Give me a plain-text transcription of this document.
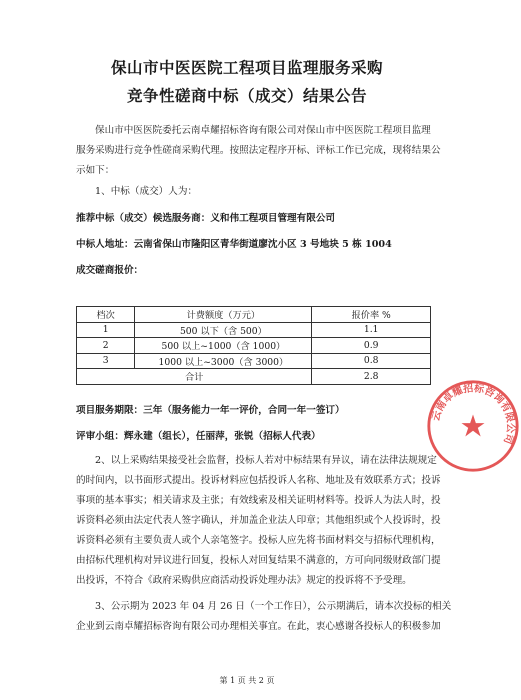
保山市中医医院工程项目监理服务采购
竞争性磋商中标（成交）结果公告
保山市中医医院委托云南卓耀招标咨询有限公司对保山市中医医院工程项目监理
服务采购进行竞争性磋商采购代理。按照法定程序开标、评标工作已完成，现将结果公
示如下：
1、中标（成交）人为：
推荐中标（成交）候选服务商：义和伟工程项目管理有限公司
中标人地址：云南省保山市隆阳区青华街道廖沈小区 3 号地块 5 栋 1004
成交磋商报价：
档次	计费额度（万元）	报价率 %
1	500 以下（含 500）	1.1
2	500 以上~1000（含 1000）	0.9
3	1000 以上~3000（含 3000）	0.8
合计		2.8
项目服务期限：三年（服务能力一年一评价，合同一年一签订）
评审小组：辉永建（组长），任丽萍，张锐（招标人代表）
2、以上采购结果接受社会监督，投标人若对中标结果有异议，请在法律法规规定
的时间内，以书面形式提出。投诉材料应包括投诉人名称、地址及有效联系方式；投诉
事项的基本事实；相关请求及主张；有效线索及相关证明材料等。投诉人为法人时，投
诉资料必须由法定代表人签字确认，并加盖企业法人印章；其他组织或个人投诉时，投
诉资料必须有主要负责人或个人亲笔签字。投标人应先将书面材料交与招标代理机构，
由招标代理机构对异议进行回复，投标人对回复结果不满意的，方可向同级财政部门提
出投诉，不符合《政府采购供应商活动投诉处理办法》规定的投诉将不予受理。
3、公示期为 2023 年 04 月 26 日（一个工作日），公示期满后，请本次投标的相关
企业到云南卓耀招标咨询有限公司办理相关事宜。在此，衷心感谢各投标人的积极参加
云南卓耀招标咨询有限公司
第 1 页 共 2 页
